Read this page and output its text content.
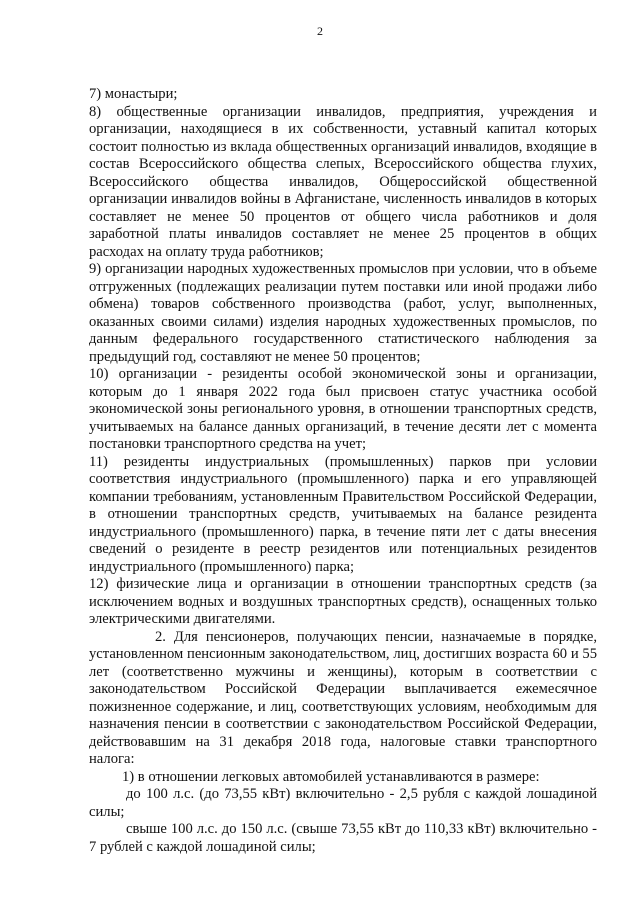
2

7) монастыри;

8) общественные организации инвалидов, предприятия, учреждения и организации, находящиеся в их собственности, уставный капитал которых состоит полностью из вклада общественных организаций инвалидов, входящие в состав Всероссийского общества слепых, Всероссийского общества глухих, Всероссийского общества инвалидов, Общероссийской общественной организации инвалидов войны в Афганистане, численность инвалидов в которых составляет не менее 50 процентов от общего числа работников и доля заработной платы инвалидов составляет не менее 25 процентов в общих расходах на оплату труда работников;

9) организации народных художественных промыслов при условии, что в объеме отгруженных (подлежащих реализации путем поставки или иной продажи либо обмена) товаров собственного производства (работ, услуг, выполненных, оказанных своими силами) изделия народных художественных промыслов, по данным федерального государственного статистического наблюдения за предыдущий год, составляют не менее 50 процентов;

10) организации - резиденты особой экономической зоны и организации, которым до 1 января 2022 года был присвоен статус участника особой экономической зоны регионального уровня, в отношении транспортных средств, учитываемых на балансе данных организаций, в течение десяти лет с момента постановки транспортного средства на учет;

11) резиденты индустриальных (промышленных) парков при условии соответствия индустриального (промышленного) парка и его управляющей компании требованиям, установленным Правительством Российской Федерации, в отношении транспортных средств, учитываемых на балансе резидента индустриального (промышленного) парка, в течение пяти лет с даты внесения сведений о резиденте в реестр резидентов или потенциальных резидентов индустриального (промышленного) парка;

12) физические лица и организации в отношении транспортных средств (за исключением водных и воздушных транспортных средств), оснащенных только электрическими двигателями.

2. Для пенсионеров, получающих пенсии, назначаемые в порядке, установленном пенсионным законодательством, лиц, достигших возраста 60 и 55 лет (соответственно мужчины и женщины), которым в соответствии с законодательством Российской Федерации выплачивается ежемесячное пожизненное содержание, и лиц, соответствующих условиям, необходимым для назначения пенсии в соответствии с законодательством Российской Федерации, действовавшим на 31 декабря 2018 года, налоговые ставки транспортного налога:

1) в отношении легковых автомобилей устанавливаются в размере:

до 100 л.с. (до 73,55 кВт) включительно - 2,5 рубля с каждой лошадиной силы;

свыше 100 л.с. до 150 л.с. (свыше 73,55 кВт до 110,33 кВт) включительно - 7 рублей с каждой лошадиной силы;
